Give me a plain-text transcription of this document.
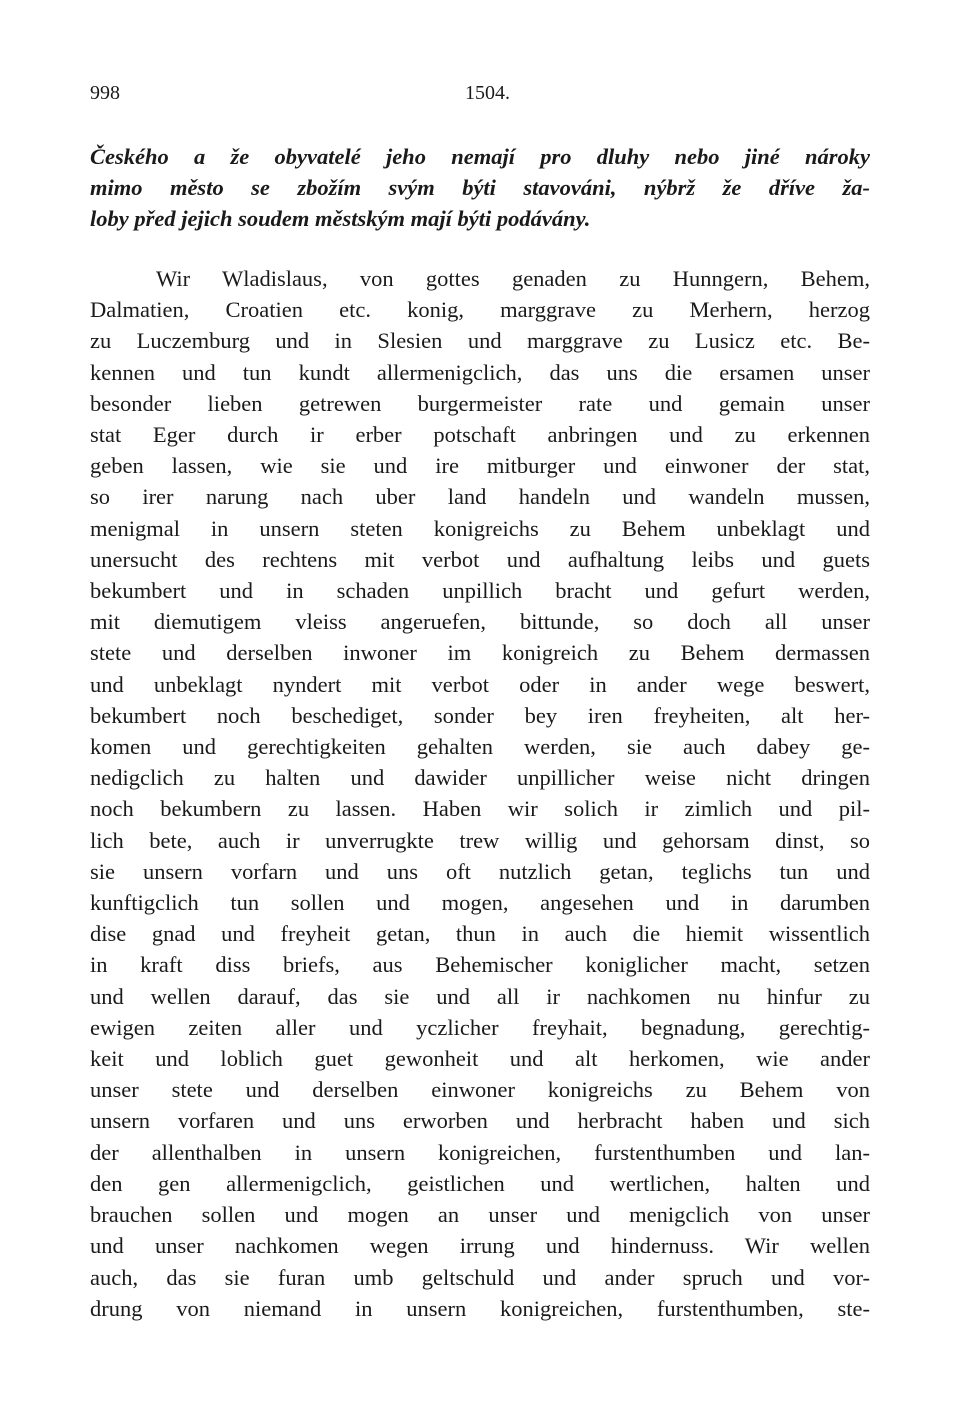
998	1504.
Českého a že obyvatelé jeho nemají pro dluhy nebo jiné nároky
mimo město se zbožím svým býti stavováni, nýbrž že dříve ža-
loby před jejich soudem městským mají býti podávány.
Wir Wladislaus, von gottes genaden zu Hunngern, Behem,
Dalmatien, Croatien etc. konig, marggrave zu Merhern, herzog
zu Luczemburg und in Slesien und marggrave zu Lusicz etc. Be-
kennen und tun kundt allermenigclich, das uns die ersamen unser
besonder lieben getrewen burgermeister rate und gemain unser
stat Eger durch ir erber potschaft anbringen und zu erkennen
geben lassen, wie sie und ire mitburger und einwoner der stat,
so irer narung nach uber land handeln und wandeln mussen,
menigmal in unsern steten konigreichs zu Behem unbeklagt und
unersucht des rechtens mit verbot und aufhaltung leibs und guets
bekumbert und in schaden unpillich bracht und gefurt werden,
mit diemutigem vleiss angeruefen, bittunde, so doch all unser
stete und derselben inwoner im konigreich zu Behem dermassen
und unbeklagt nyndert mit verbot oder in ander wege beswert,
bekumbert noch beschediget, sonder bey iren freyheiten, alt her-
komen und gerechtigkeiten gehalten werden, sie auch dabey ge-
nedigclich zu halten und dawider unpillicher weise nicht dringen
noch bekumbern zu lassen. Haben wir solich ir zimlich und pil-
lich bete, auch ir unverrugkte trew willig und gehorsam dinst, so
sie unsern vorfarn und uns oft nutzlich getan, teglichs tun und
kunftigclich tun sollen und mogen, angesehen und in darumben
dise gnad und freyheit getan, thun in auch die hiemit wissentlich
in kraft diss briefs, aus Behemischer koniglicher macht, setzen
und wellen darauf, das sie und all ir nachkomen nu hinfur zu
ewigen zeiten aller und yczlicher freyhait, begnadung, gerechtig-
keit und loblich guet gewonheit und alt herkomen, wie ander
unser stete und derselben einwoner konigreichs zu Behem von
unsern vorfaren und uns erworben und herbracht haben und sich
der allenthalben in unsern konigreichen, furstenthumben und lan-
den gen allermenigclich, geistlichen und wertlichen, halten und
brauchen sollen und mogen an unser und menigclich von unser
und unser nachkomen wegen irrung und hindernuss. Wir wellen
auch, das sie furan umb geltschuld und ander spruch und vor-
drung von niemand in unsern konigreichen, furstenthumben, ste-
